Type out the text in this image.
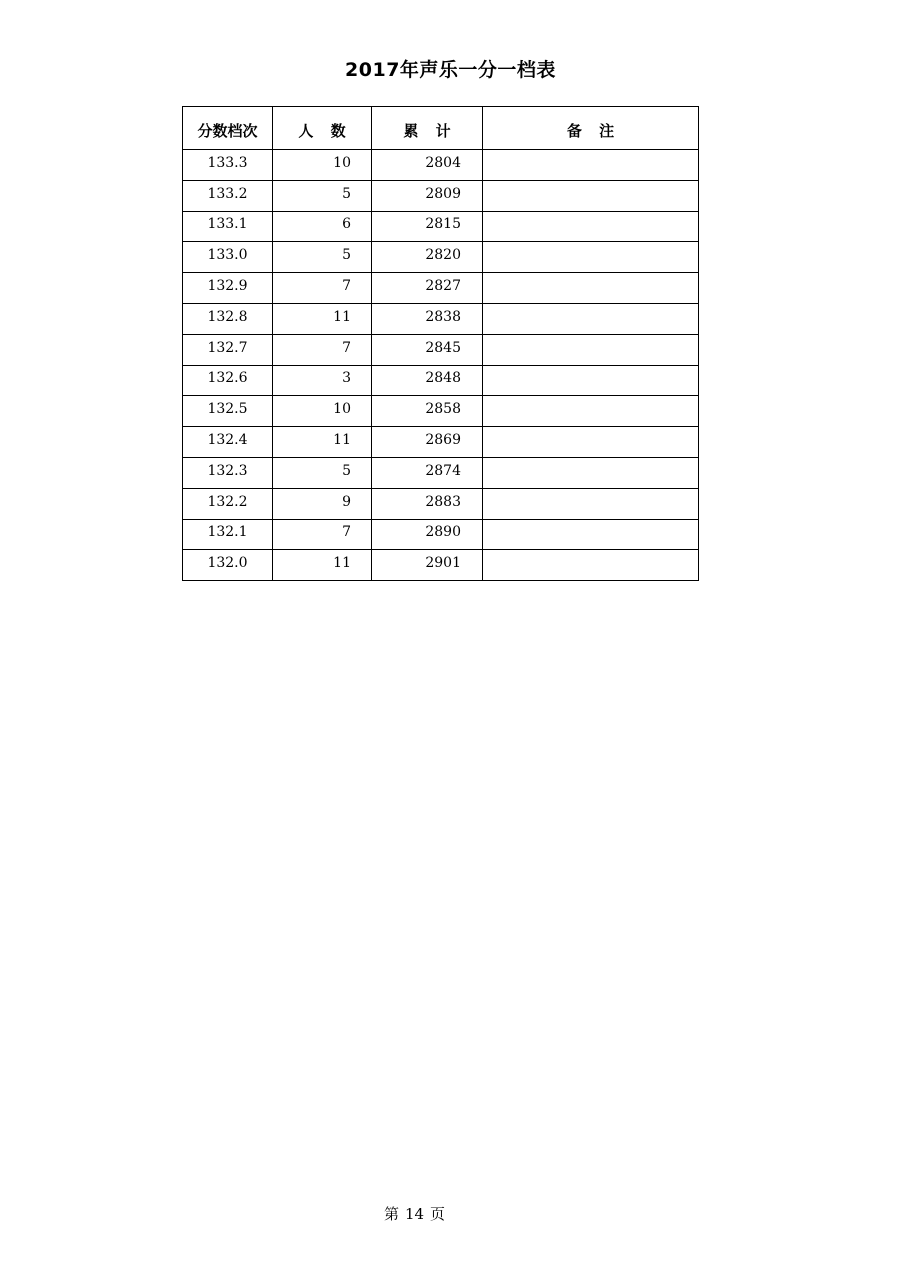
2017年声乐一分一档表
分数档次	人 数	累 计	备 注
133.3	10	2804	
133.2	5	2809	
133.1	6	2815	
133.0	5	2820	
132.9	7	2827	
132.8	11	2838	
132.7	7	2845	
132.6	3	2848	
132.5	10	2858	
132.4	11	2869	
132.3	5	2874	
132.2	9	2883	
132.1	7	2890	
132.0	11	2901	
第 14 页
